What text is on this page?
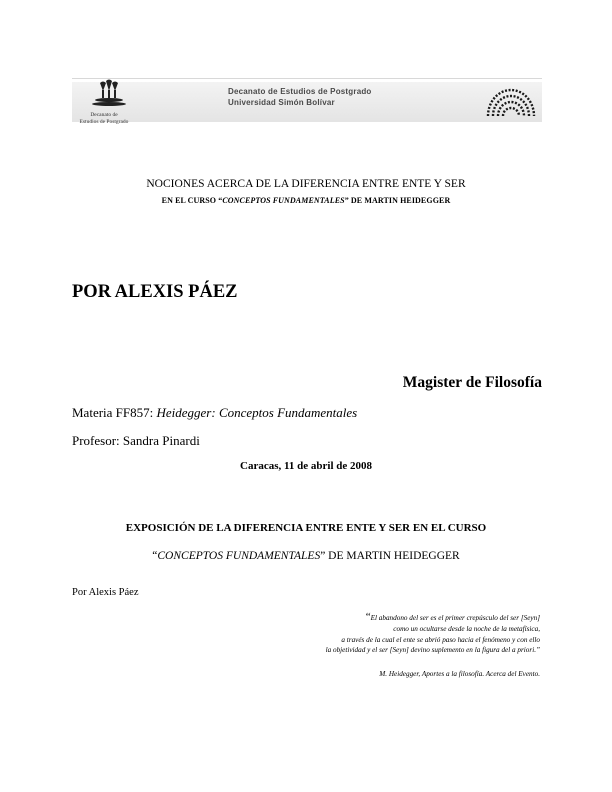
Decanato de
Estudios de Postgrado
Decanato de Estudios de Postgrado
Universidad Simón Bolívar
NOCIONES ACERCA DE LA DIFERENCIA ENTRE ENTE Y SER
EN EL CURSO “CONCEPTOS FUNDAMENTALES” DE MARTIN HEIDEGGER
POR ALEXIS PÁEZ
Magister de Filosofía
Materia FF857: Heidegger: Conceptos Fundamentales
Profesor: Sandra Pinardi
Caracas, 11 de abril de 2008
EXPOSICIÓN DE LA DIFERENCIA ENTRE ENTE Y SER EN EL CURSO
“CONCEPTOS FUNDAMENTALES” DE MARTIN HEIDEGGER
Por Alexis Páez
“El abandono del ser es el primer crepúsculo del ser [Seyn]
como un ocultarse desde la noche de la metafísica,
a través de la cual el ente se abrió paso hacia el fenómeno y con ello
la objetividad y el ser [Seyn] devino suplemento en la figura del a priori.”
M. Heidegger, Aportes a la filosofía. Acerca del Evento.
